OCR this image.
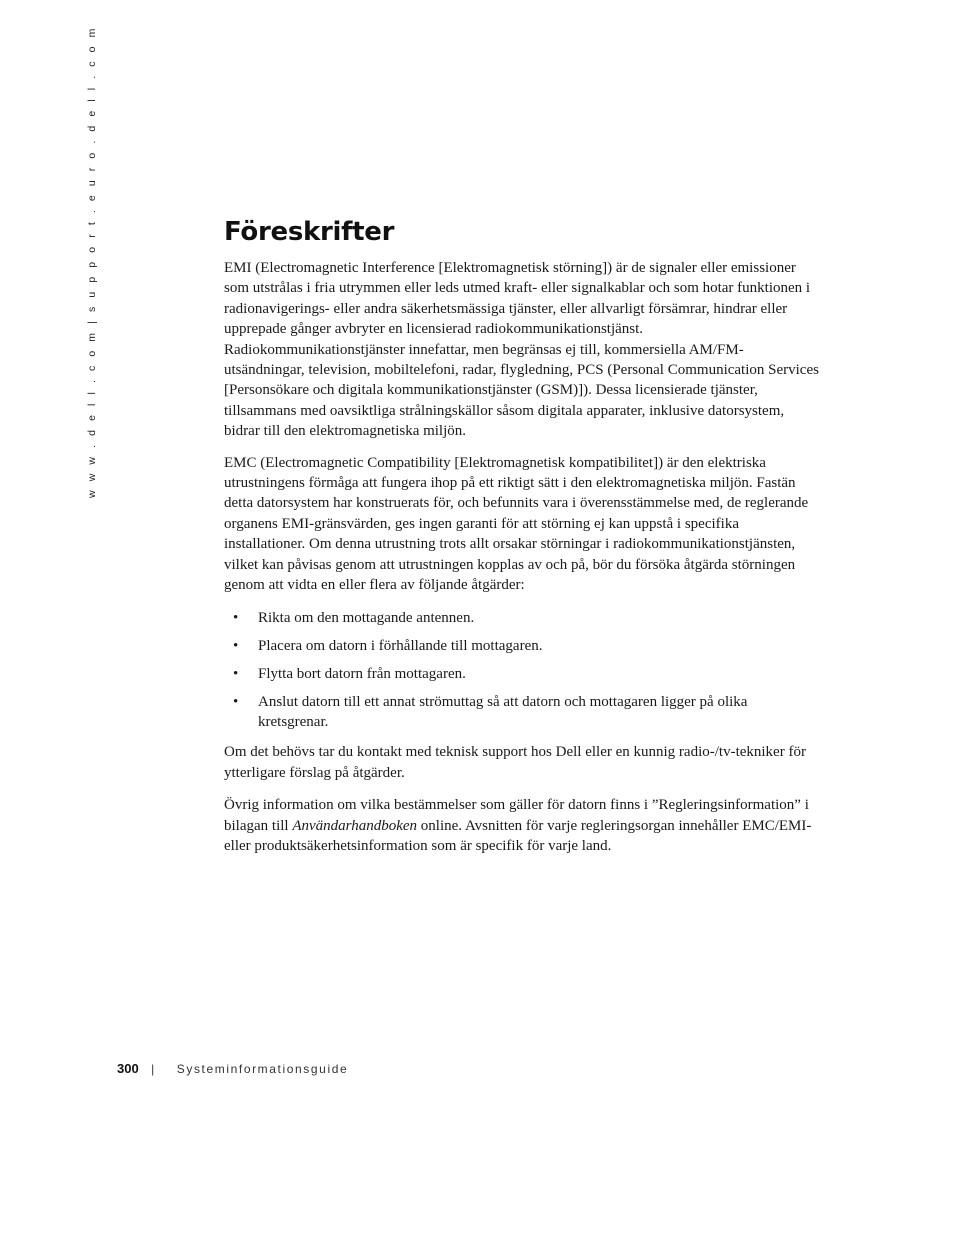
w w w . d e l l . c o m | s u p p o r t . e u r o . d e l l . c o m	Föreskrifter

EMI (Electromagnetic Interference [Elektromagnetisk störning]) är de signaler eller emissioner som utstrålas i fria utrymmen eller leds utmed kraft- eller signalkablar och som hotar funktionen i radionavigerings- eller andra säkerhetsmässiga tjänster, eller allvarligt försämrar, hindrar eller upprepade gånger avbryter en licensierad radiokommunikationstjänst. Radiokommunikationstjänster innefattar, men begränsas ej till, kommersiella AM/FM-utsändningar, television, mobiltelefoni, radar, flygledning, PCS (Personal Communication Services [Personsökare och digitala kommunikationstjänster (GSM)]). Dessa licensierade tjänster, tillsammans med oavsiktliga strålningskällor såsom digitala apparater, inklusive datorsystem, bidrar till den elektromagnetiska miljön.

EMC (Electromagnetic Compatibility [Elektromagnetisk kompatibilitet]) är den elektriska utrustningens förmåga att fungera ihop på ett riktigt sätt i den elektromagnetiska miljön. Fastän detta datorsystem har konstruerats för, och befunnits vara i överensstämmelse med, de reglerande organens EMI-gränsvärden, ges ingen garanti för att störning ej kan uppstå i specifika installationer. Om denna utrustning trots allt orsakar störningar i radiokommunikationstjänsten, vilket kan påvisas genom att utrustningen kopplas av och på, bör du försöka åtgärda störningen genom att vidta en eller flera av följande åtgärder:

• Rikta om den mottagande antennen.
• Placera om datorn i förhållande till mottagaren.
• Flytta bort datorn från mottagaren.
• Anslut datorn till ett annat strömuttag så att datorn och mottagaren ligger på olika kretsgrenar.

Om det behövs tar du kontakt med teknisk support hos Dell eller en kunnig radio-/tv-tekniker för ytterligare förslag på åtgärder.

Övrig information om vilka bestämmelser som gäller för datorn finns i ”Regleringsinformation” i bilagan till Användarhandboken online. Avsnitten för varje regleringsorgan innehåller EMC/EMI- eller produktsäkerhetsinformation som är specifik för varje land.

300 | Systeminformationsguide
